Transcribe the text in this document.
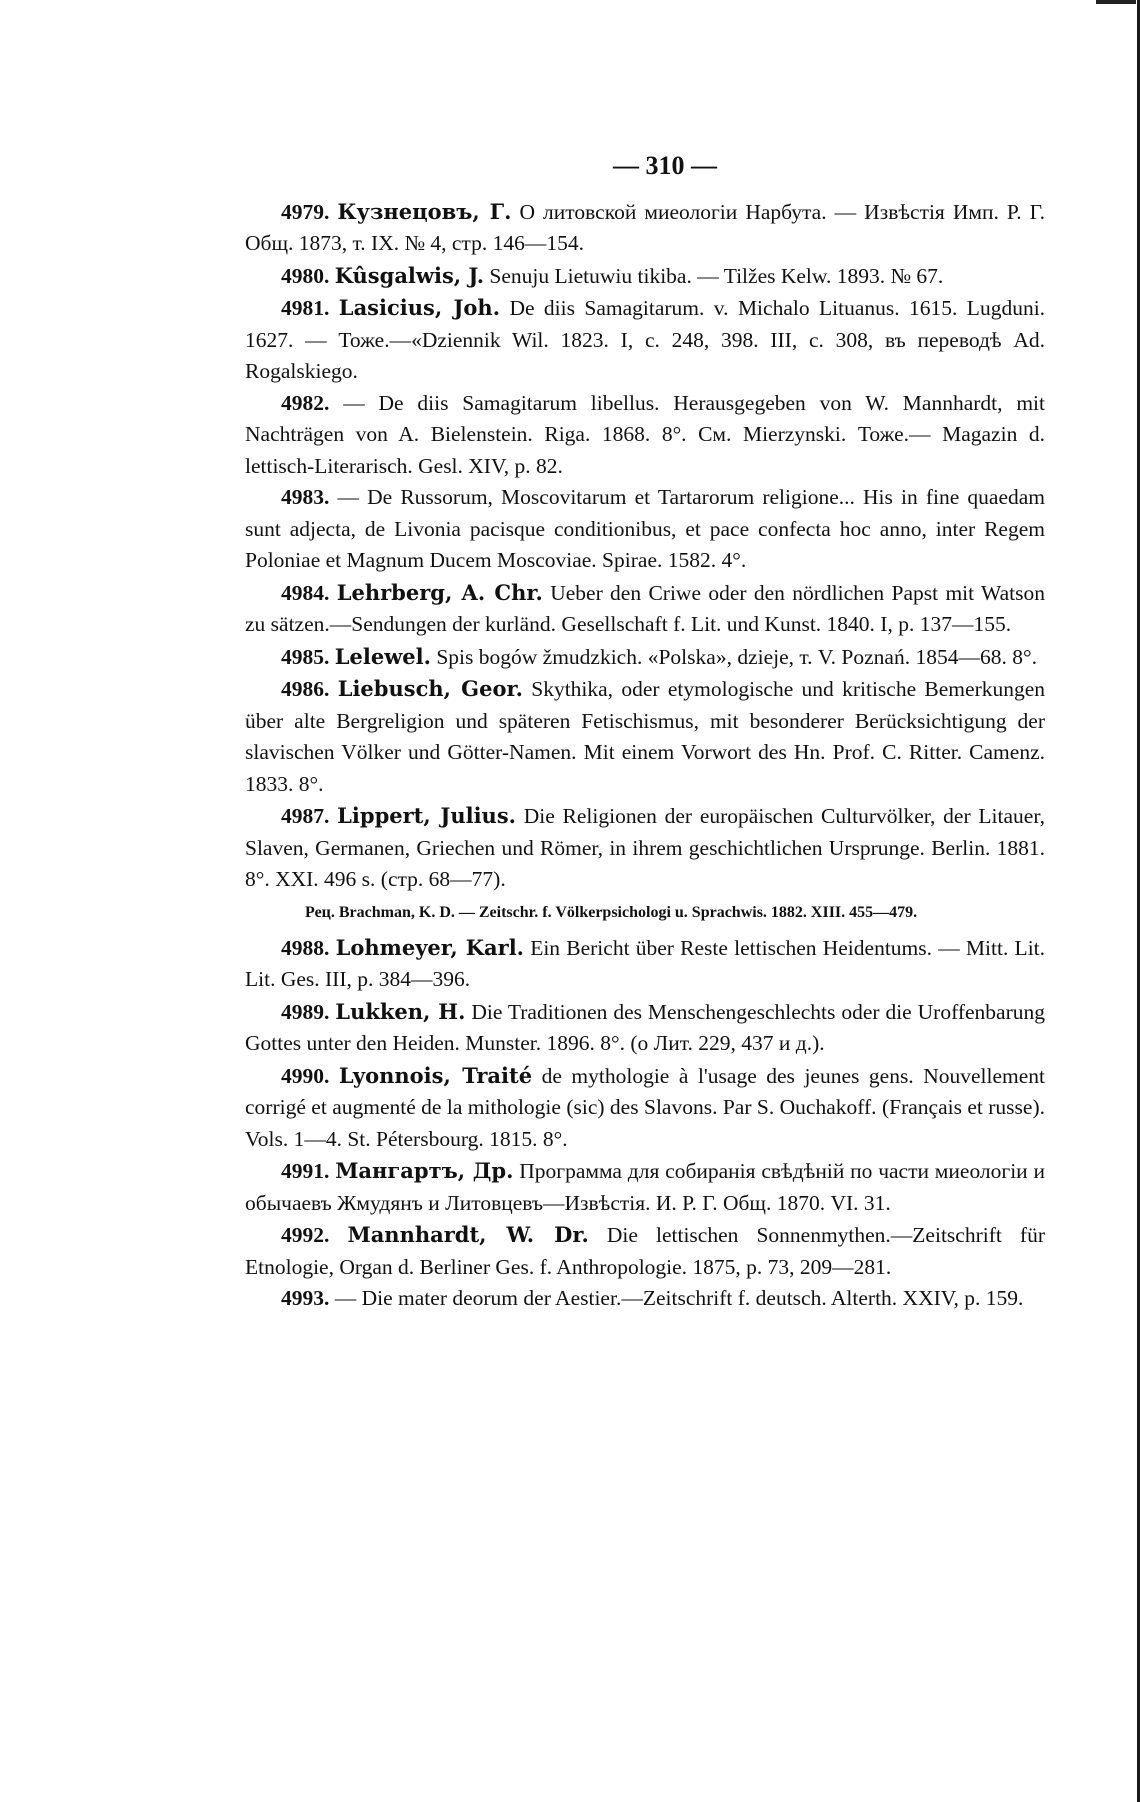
— 310 —

4979. Кузнецовъ, Г. О литовской миеологіи Нарбута. — Извѣстія Имп. Р. Г. Общ. 1873, т. IX. № 4, стр. 146—154.

4980. Kûsgalwis, J. Senuju Lietuwiu tikiba. — Tilžes Kelw. 1893. № 67.

4981. Lasicius, Joh. De diis Samagitarum. v. Michalo Lituanus. 1615. Lugduni. 1627. — Тоже.—«Dziennik Wil. 1823. I, c. 248, 398. III, c. 308, въ переводѣ Ad. Rogalskiego.

4982. — De diis Samagitarum libellus. Herausgegeben von W. Mannhardt, mit Nachträgen von A. Bielenstein. Riga. 1868. 8°. См. Mierzynski. Тоже.— Magazin d. lettisch-Literarisch. Gesl. XIV, p. 82.

4983. — De Russorum, Moscovitarum et Tartarorum religione... His in fine quaedam sunt adjecta, de Livonia pacisque conditionibus, et pace confecta hoc anno, inter Regem Poloniae et Magnum Ducem Moscoviae. Spirae. 1582. 4°.

4984. Lehrberg, A. Chr. Ueber den Criwe oder den nördlichen Papst mit Watson zu sätzen.—Sendungen der kurländ. Gesellschaft f. Lit. und Kunst. 1840. I, p. 137—155.

4985. Lelewel. Spis bogów žmudzkich. «Polska», dzieje, т. V. Poznań. 1854—68. 8°.

4986. Liebusch, Geor. Skythika, oder etymologische und kritische Bemerkungen über alte Bergreligion und späteren Fetischismus, mit besonderer Berücksichtigung der slavischen Völker und Götter-Namen. Mit einem Vorwort des Hn. Prof. C. Ritter. Camenz. 1833. 8°.

4987. Lippert, Julius. Die Religionen der europäischen Culturvölker, der Litauer, Slaven, Germanen, Griechen und Römer, in ihrem geschichtlichen Ursprunge. Berlin. 1881. 8°. XXI. 496 s. (стр. 68—77).

Рец. Brachman, K. D. — Zeitschr. f. Völkerpsichologi u. Sprachwis. 1882. XIII. 455—479.

4988. Lohmeyer, Karl. Ein Bericht über Reste lettischen Heidentums. — Mitt. Lit. Lit. Ges. III, p. 384—396.

4989. Lukken, H. Die Traditionen des Menschengeschlechts oder die Uroffenbarung Gottes unter den Heiden. Munster. 1896. 8°. (о Лит. 229, 437 и д.).

4990. Lyonnois, Traité de mythologie à l'usage des jeunes gens. Nouvellement corrigé et augmenté de la mithologie (sic) des Slavons. Par S. Ouchakoff. (Français et russe). Vols. 1—4. St. Pétersbourg. 1815. 8°.

4991. Мангартъ, Др. Программа для собиранія свѣдѣній по части миеологіи и обычаевъ Жмудянъ и Литовцевъ—Извѣстія. И. Р. Г. Общ. 1870. VI. 31.

4992. Mannhardt, W. Dr. Die lettischen Sonnenmythen.—Zeitschrift für Etnologie, Organ d. Berliner Ges. f. Anthropologie. 1875, p. 73, 209—281.

4993. — Die mater deorum der Aestier.—Zeitschrift f. deutsch. Alterth. XXIV, p. 159.
